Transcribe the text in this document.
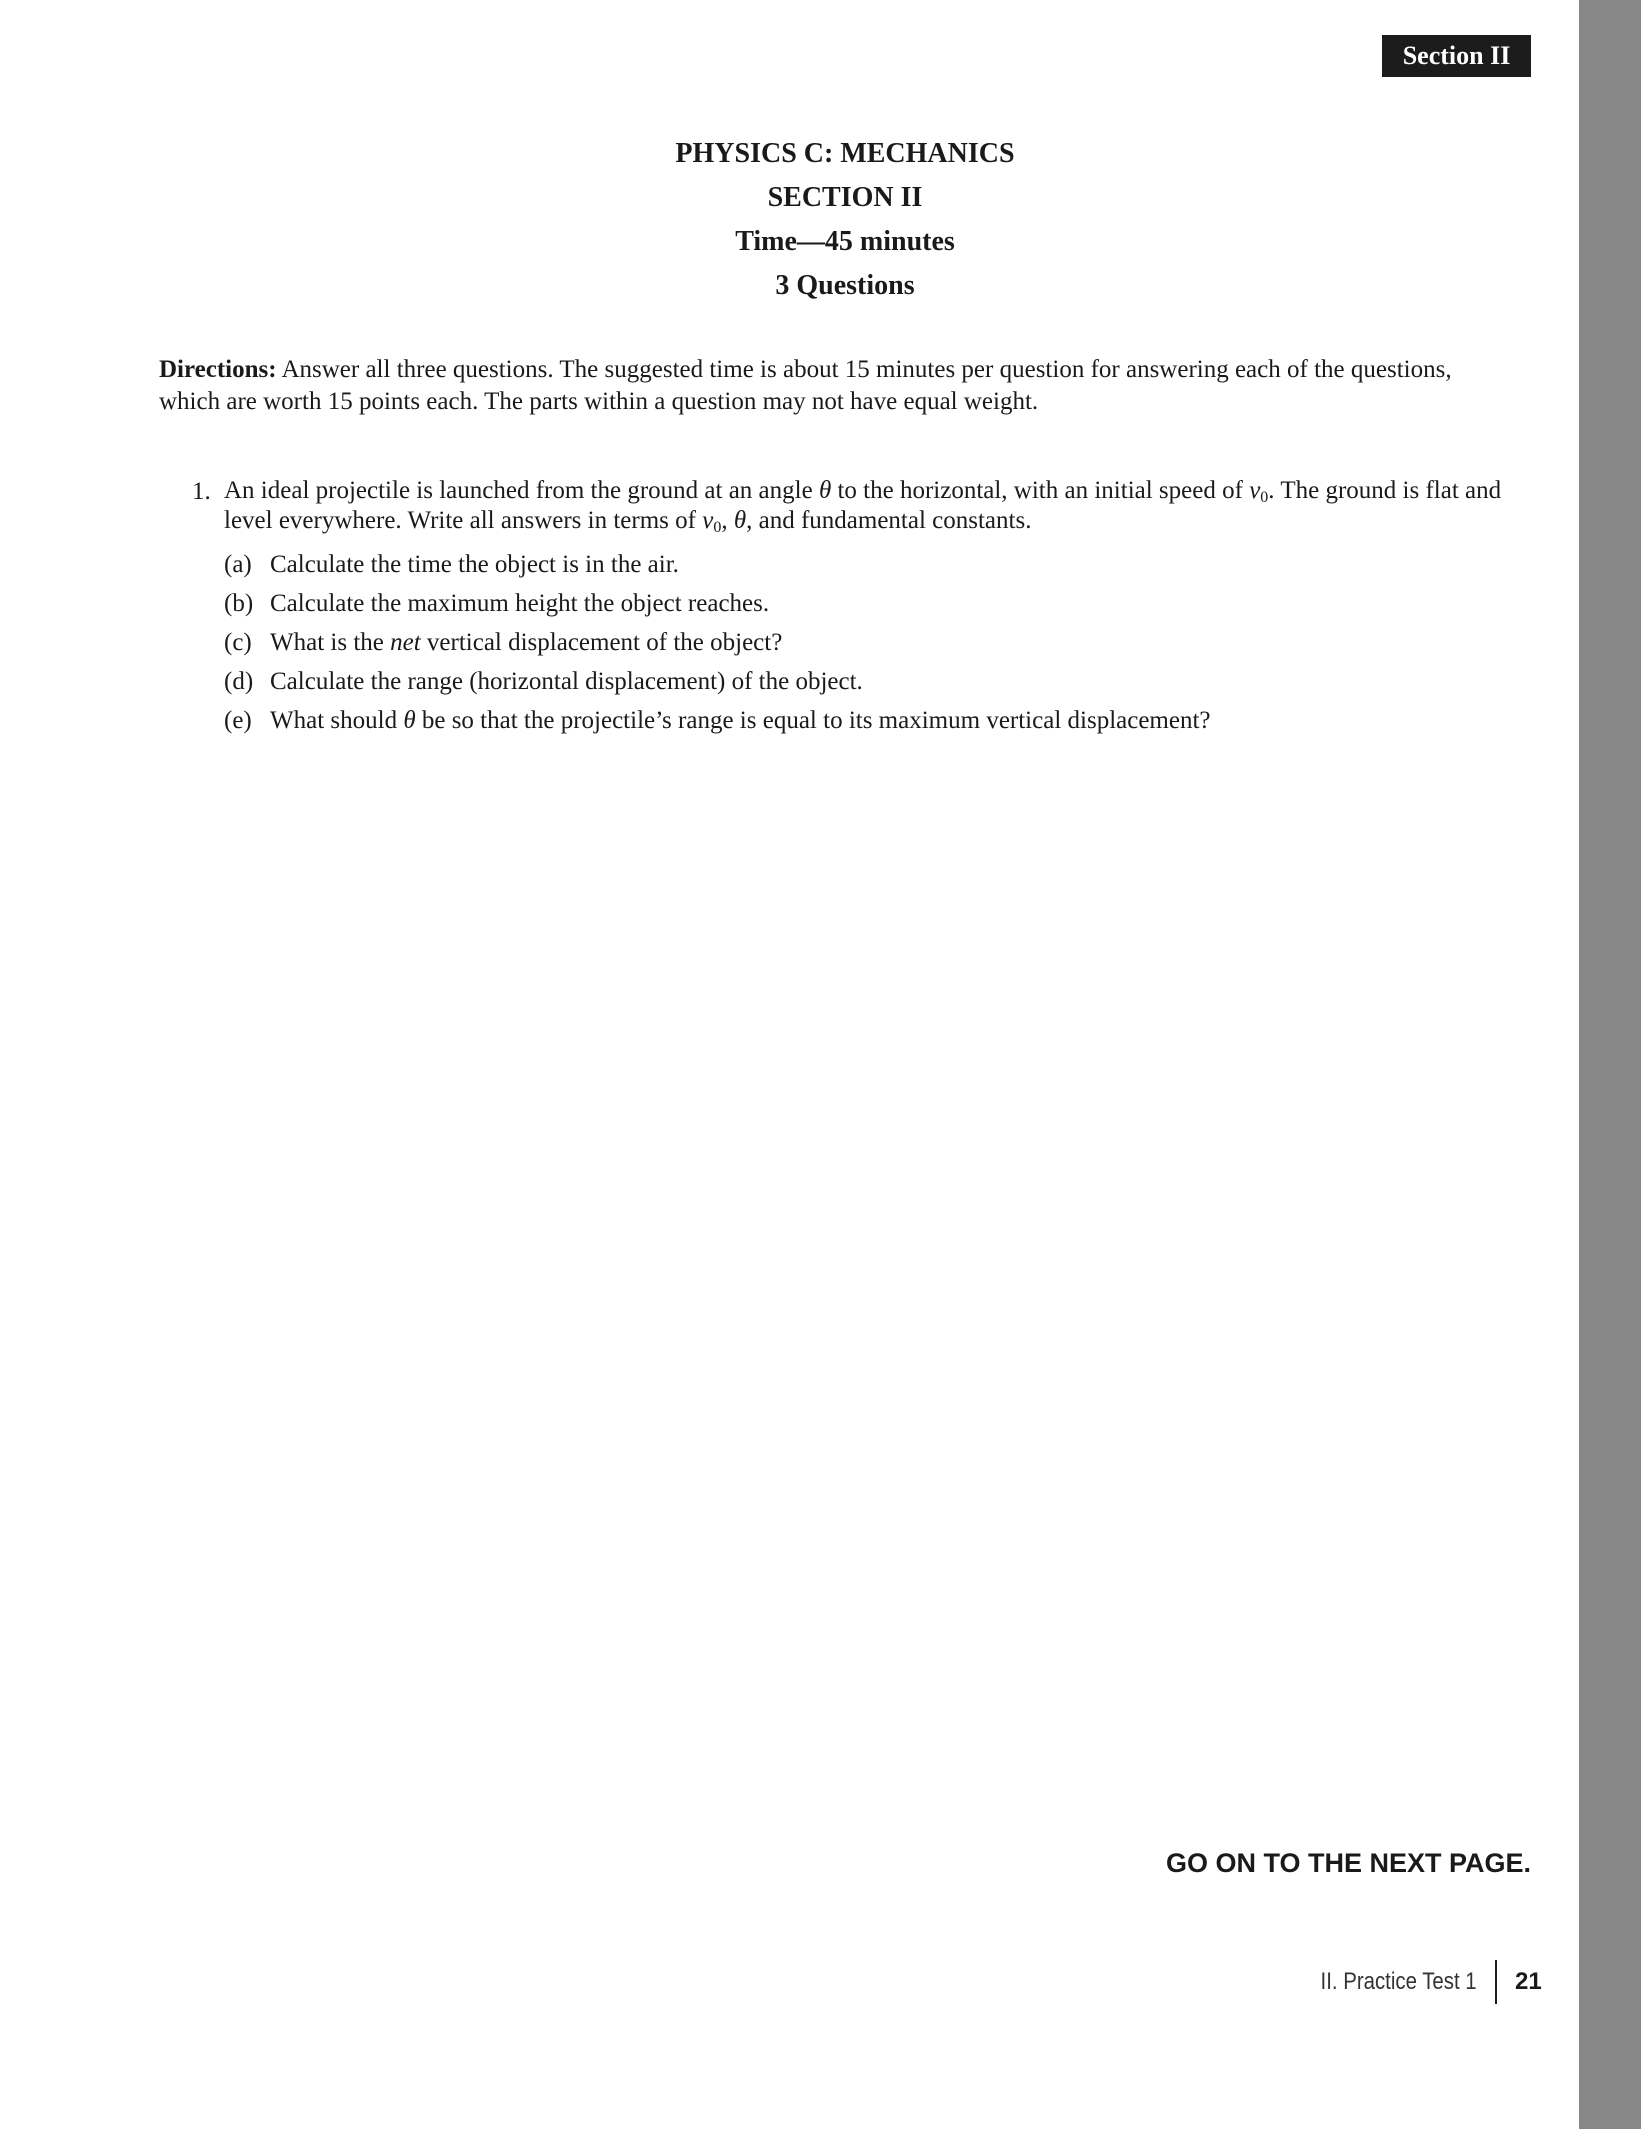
Section II
PHYSICS C: MECHANICS
SECTION II
Time—45 minutes
3 Questions
Directions: Answer all three questions. The suggested time is about 15 minutes per question for answering each of the questions, which are worth 15 points each. The parts within a question may not have equal weight.
1. An ideal projectile is launched from the ground at an angle θ to the horizontal, with an initial speed of $v_0$. The ground is flat and level everywhere. Write all answers in terms of $v_0$, θ, and fundamental constants.
(a) Calculate the time the object is in the air.
(b) Calculate the maximum height the object reaches.
(c) What is the net vertical displacement of the object?
(d) Calculate the range (horizontal displacement) of the object.
(e) What should θ be so that the projectile’s range is equal to its maximum vertical displacement?
GO ON TO THE NEXT PAGE.
II. Practice Test 1 21
